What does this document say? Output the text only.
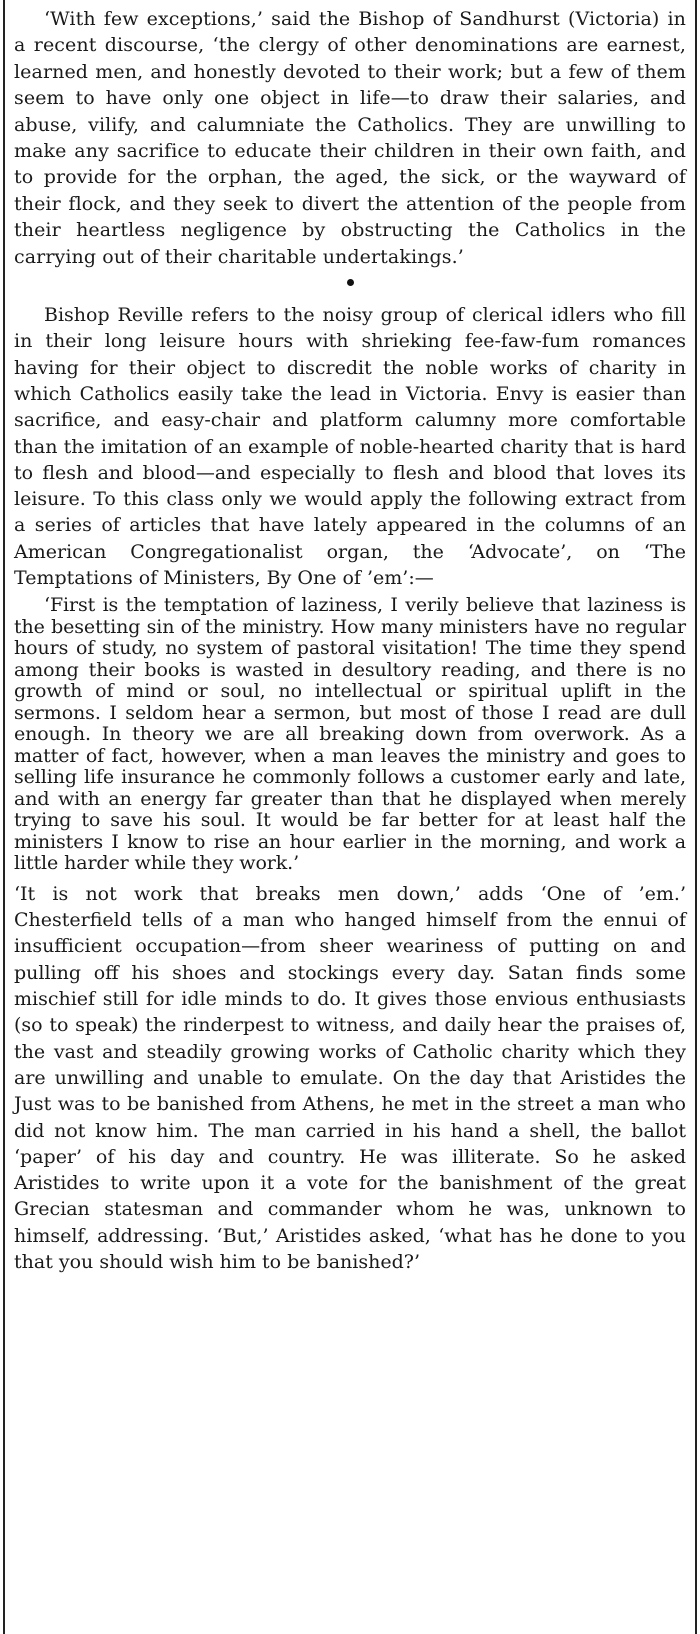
‘With few exceptions,’ said the Bishop of Sandhurst (Victoria) in a recent discourse, ‘the clergy of other denominations are earnest, learned men, and honestly devoted to their work; but a few of them seem to have only one object in life—to draw their salaries, and abuse, vilify, and calumniate the Catholics. They are unwilling to make any sacrifice to educate their children in their own faith, and to provide for the orphan, the aged, the sick, or the wayward of their flock, and they seek to divert the attention of the people from their heartless negligence by obstructing the Catholics in the carrying out of their charitable undertakings.’

Bishop Reville refers to the noisy group of clerical idlers who fill in their long leisure hours with shrieking fee-faw-fum romances having for their object to discredit the noble works of charity in which Catholics easily take the lead in Victoria. Envy is easier than sacrifice, and easy-chair and platform calumny more comfortable than the imitation of an example of noble-hearted charity that is hard to flesh and blood—and especially to flesh and blood that loves its leisure. To this class only we would apply the following extract from a series of articles that have lately appeared in the columns of an American Congregationalist organ, the ‘Advocate’, on ‘The Temptations of Ministers, By One of ’em’:—

‘First is the temptation of laziness, I verily believe that laziness is the besetting sin of the ministry. How many ministers have no regular hours of study, no system of pastoral visitation! The time they spend among their books is wasted in desultory reading, and there is no growth of mind or soul, no intellectual or spiritual uplift in the sermons. I seldom hear a sermon, but most of those I read are dull enough. In theory we are all breaking down from overwork. As a matter of fact, however, when a man leaves the ministry and goes to selling life insurance he commonly follows a customer early and late, and with an energy far greater than that he displayed when merely trying to save his soul. It would be far better for at least half the ministers I know to rise an hour earlier in the morning, and work a little harder while they work.’

‘It is not work that breaks men down,’ adds ‘One of ’em.’ Chesterfield tells of a man who hanged himself from the ennui of insufficient occupation—from sheer weariness of putting on and pulling off his shoes and stockings every day. Satan finds some mischief still for idle minds to do. It gives those envious enthusiasts (so to speak) the rinderpest to witness, and daily hear the praises of, the vast and steadily growing works of Catholic charity which they are unwilling and unable to emulate. On the day that Aristides the Just was to be banished from Athens, he met in the street a man who did not know him. The man carried in his hand a shell, the ballot ‘paper’ of his day and country. He was illiterate. So he asked Aristides to write upon it a vote for the banishment of the great Grecian statesman and commander whom he was, unknown to himself, addressing. ‘But,’ Aristides asked, ‘what has he done to you that you should wish him to be banished?’
